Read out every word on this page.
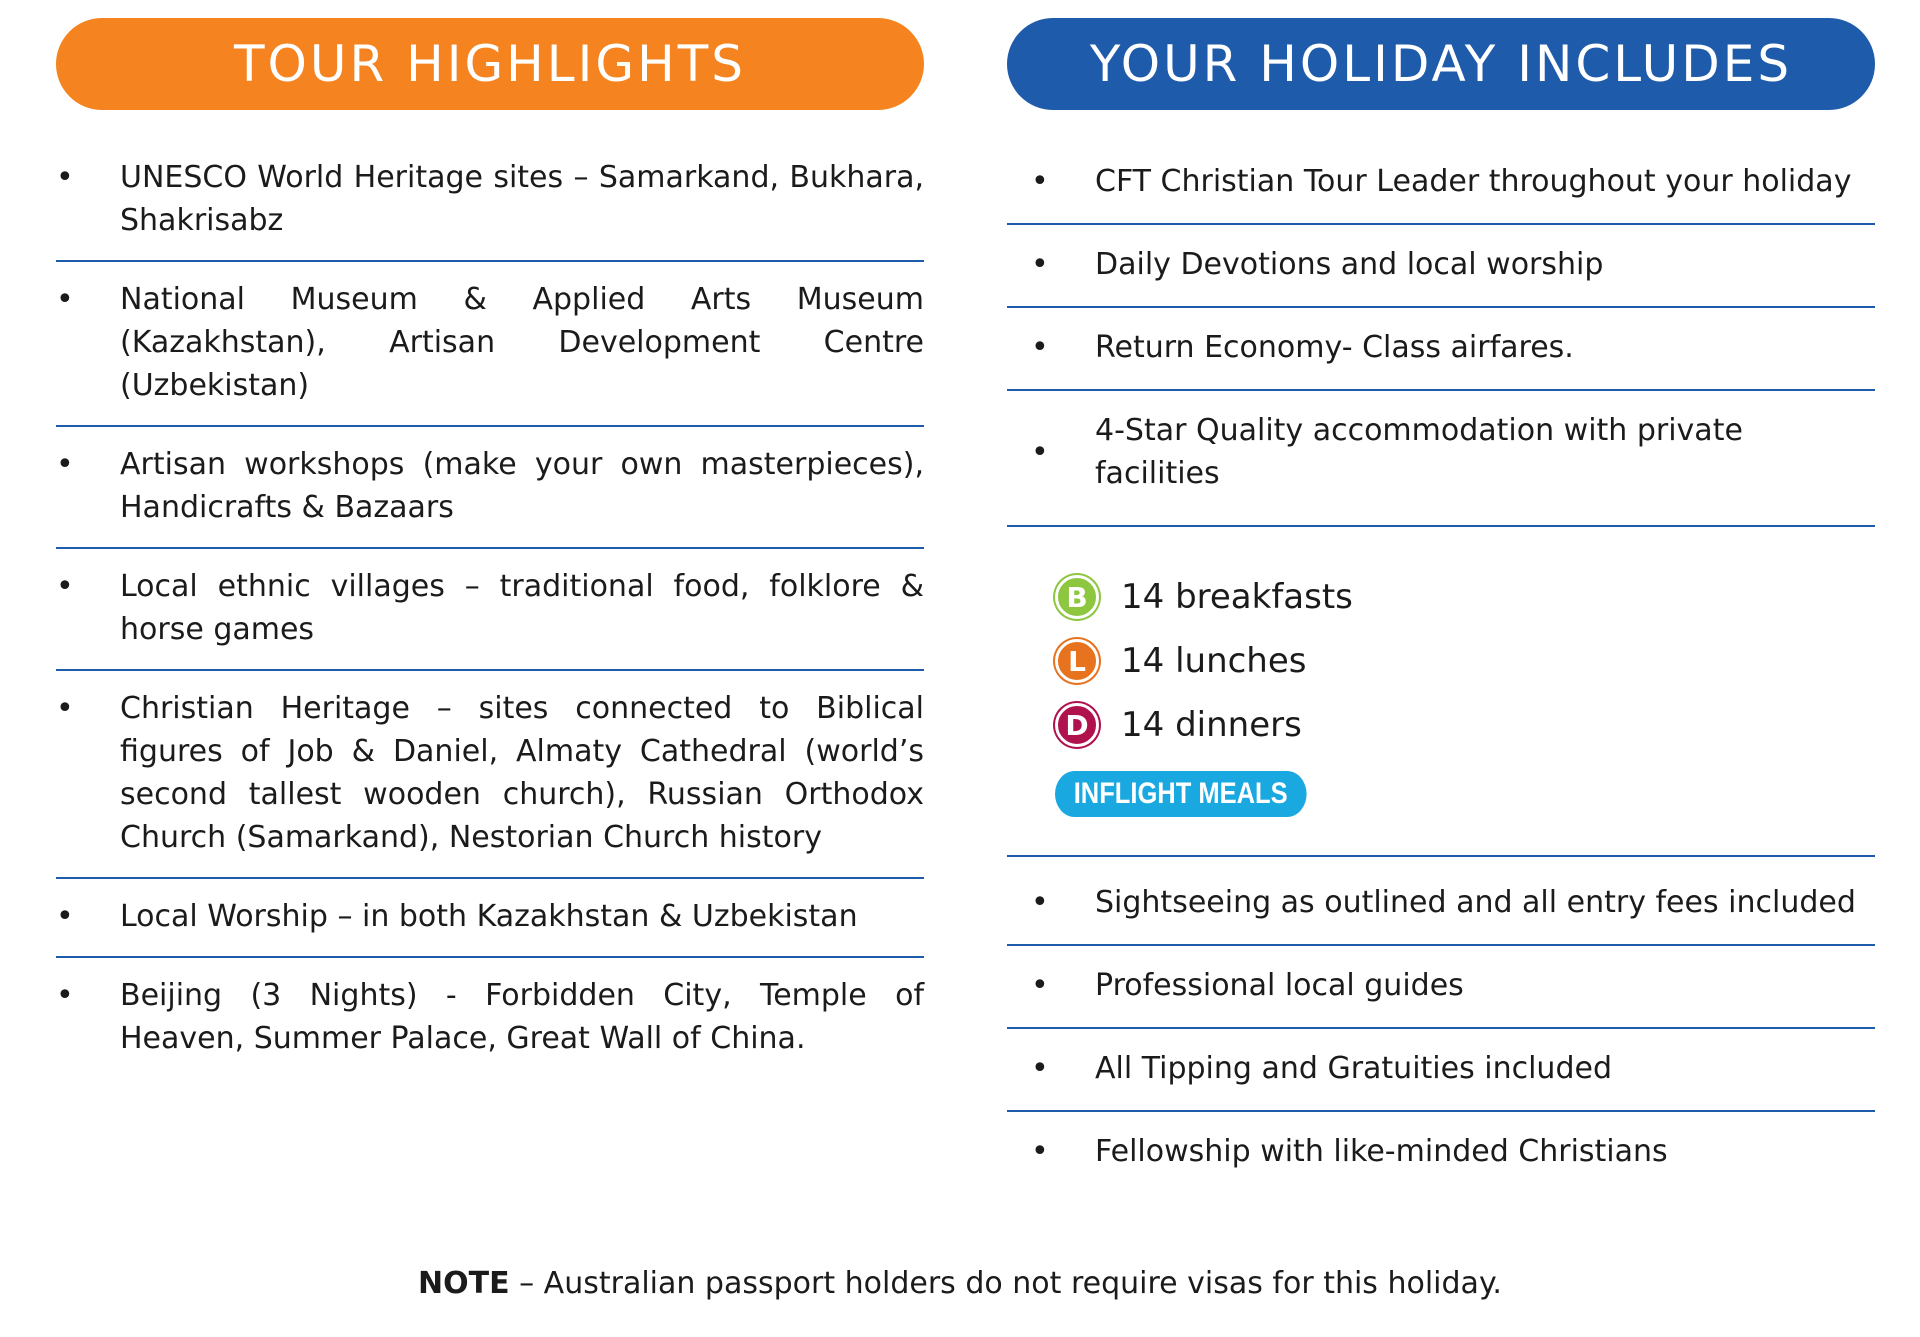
TOUR HIGHLIGHTS
•	UNESCO World Heritage sites – Samarkand, Bukhara, Shakrisabz
•	National Museum & Applied Arts Museum (Kazakhstan), Artisan Development Centre (Uzbekistan)
•	Artisan workshops (make your own masterpieces), Handicrafts & Bazaars
•	Local ethnic villages – traditional food, folklore & horse games
•	Christian Heritage – sites connected to Biblical figures of Job & Daniel, Almaty Cathedral (world’s second tallest wooden church), Russian Orthodox Church (Samarkand), Nestorian Church history
•	Local Worship – in both Kazakhstan & Uzbekistan
•	Beijing (3 Nights) - Forbidden City, Temple of Heaven, Summer Palace, Great Wall of China.
YOUR HOLIDAY INCLUDES
•	CFT Christian Tour Leader throughout your holiday
•	Daily Devotions and local worship
•	Return Economy- Class airfares.
•
4-Star Quality accommodation with private facilities
B 14 breakfasts
L	14 lunches
D 14 dinners
INFLIGHT MEALS
•	Sightseeing as outlined and all entry fees included
•	Professional local guides
•	All Tipping and Gratuities included
•	Fellowship with like-minded Christians
NOTE – Australian passport holders do not require visas for this holiday.
